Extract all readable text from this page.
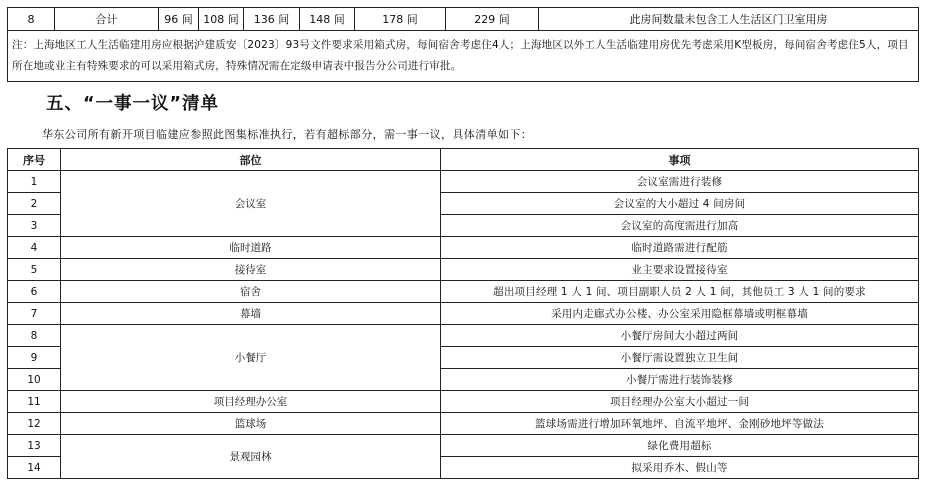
8	合计	96 间	108 间	136 间	148 间	178 间	229 间	此房间数量未包含工人生活区门卫室用房
注：上海地区工人生活临建用房应根据沪建质安〔2023〕93号文件要求采用箱式房，每间宿舍考虑住4人；上海地区以外工人生活临建用房优先考虑采用K型板房，每间宿舍考虑住5人，项目所在地或业主有特殊要求的可以采用箱式房，特殊情况需在定级申请表中报告分公司进行审批。
五、“一事一议”清单
华东公司所有新开项目临建应参照此图集标准执行，若有超标部分，需一事一议，具体清单如下：
序号	部位	事项
1	会议室	会议室需进行装修
2		会议室的大小超过 4 间房间
3		会议室的高度需进行加高
4	临时道路	临时道路需进行配筋
5	接待室	业主要求设置接待室
6	宿舍	超出项目经理 1 人 1 间、项目副职人员 2 人 1 间，其他员工 3 人 1 间的要求
7	幕墙	采用内走廊式办公楼、办公室采用隐框幕墙或明框幕墙
8	小餐厅	小餐厅房间大小超过两间
9		小餐厅需设置独立卫生间
10		小餐厅需进行装饰装修
11	项目经理办公室	项目经理办公室大小超过一间
12	篮球场	篮球场需进行增加环氧地坪、自流平地坪、金刚砂地坪等做法
13	景观园林	绿化费用超标
14		拟采用乔木、假山等
